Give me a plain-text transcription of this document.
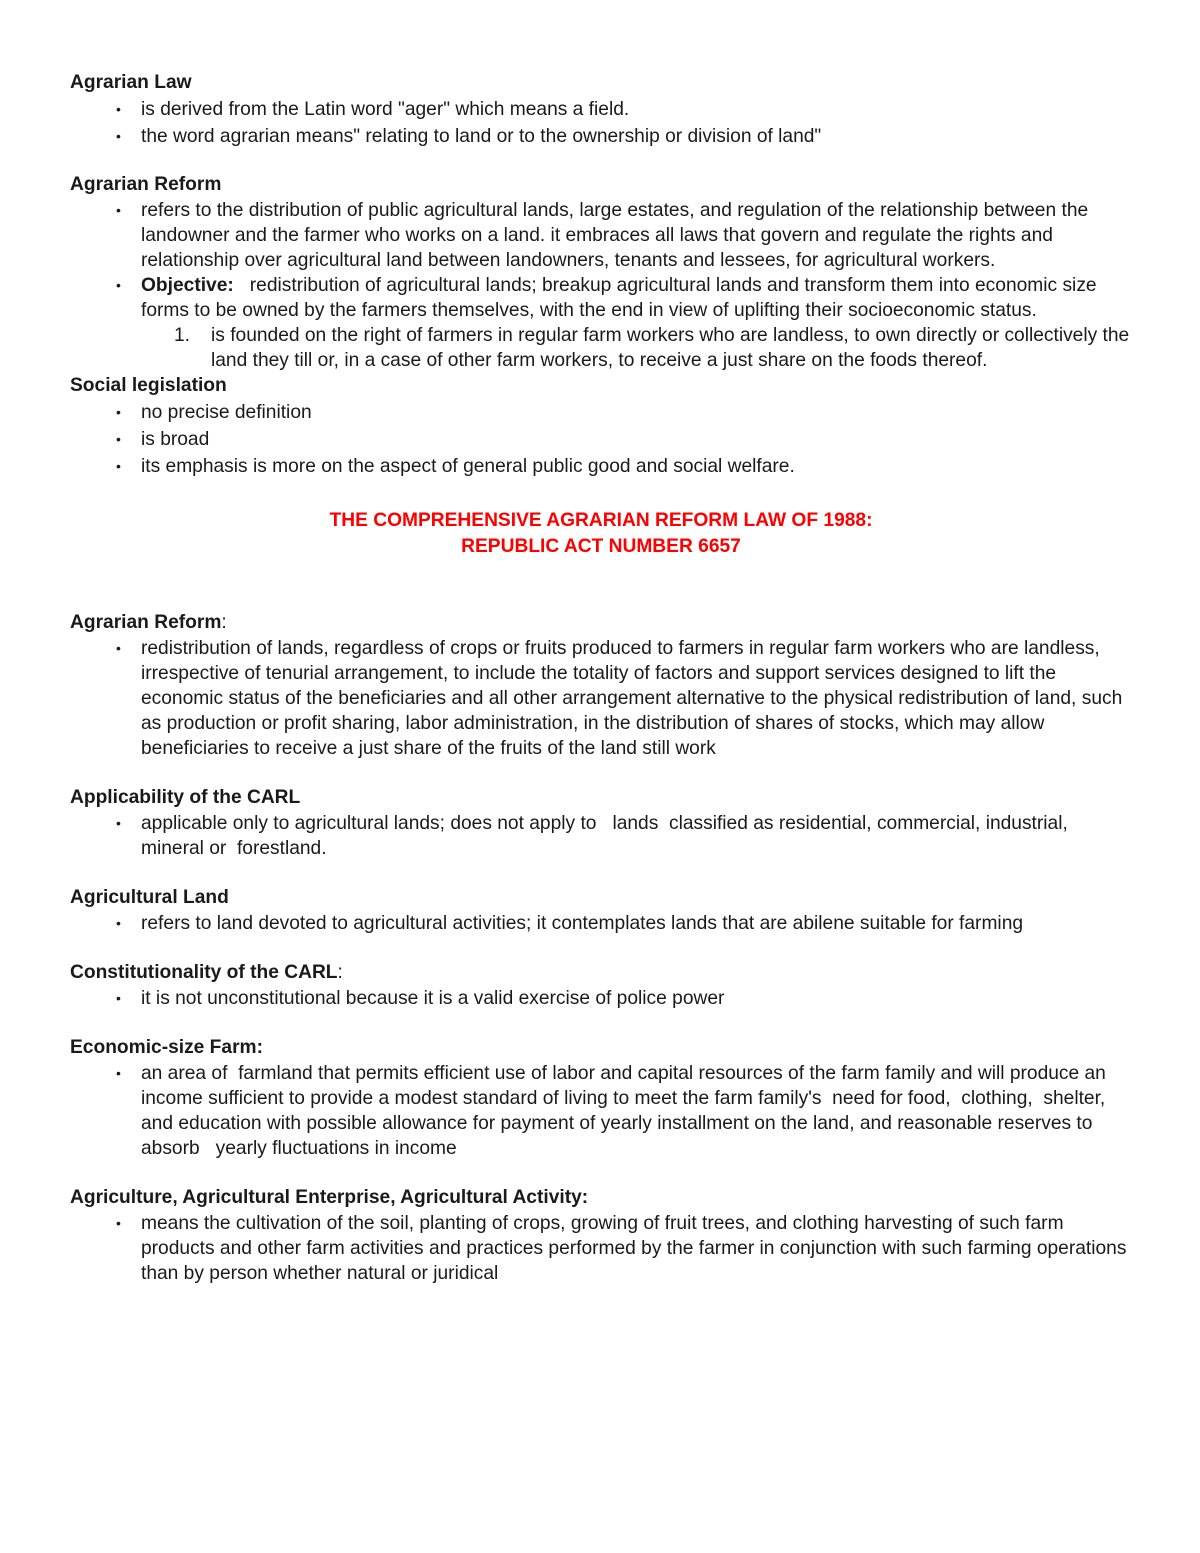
Agrarian Law

• is derived from the Latin word "ager" which means a field.
• the word agrarian means" relating to land or to the ownership or division of land"

Agrarian Reform

• refers to the distribution of public agricultural lands, large estates, and regulation of the relationship between the landowner and the farmer who works on a land. it embraces all laws that govern and regulate the rights and relationship over agricultural land between landowners, tenants and lessees, for agricultural workers.
• Objective:   redistribution of agricultural lands; breakup agricultural lands and transform them into economic size forms to be owned by the farmers themselves, with the end in view of uplifting their socioeconomic status.
1. is founded on the right of farmers in regular farm workers who are landless, to own directly or collectively the land they till or, in a case of other farm workers, to receive a just share on the foods thereof.

Social legislation

• no precise definition
• is broad
• its emphasis is more on the aspect of general public good and social welfare.
THE COMPREHENSIVE AGRARIAN REFORM LAW OF 1988:
REPUBLIC ACT NUMBER 6657

Agrarian Reform:

• redistribution of lands, regardless of crops or fruits produced to farmers in regular farm workers who are landless, irrespective of tenurial arrangement, to include the totality of factors and support services designed to lift the economic status of the beneficiaries and all other arrangement alternative to the physical redistribution of land, such as production or profit sharing, labor administration, in the distribution of shares of stocks, which may allow beneficiaries to receive a just share of the fruits of the land still work

Applicability of the CARL

• applicable only to agricultural lands; does not apply to   lands  classified as residential, commercial, industrial, mineral or  forestland.

Agricultural Land

• refers to land devoted to agricultural activities; it contemplates lands that are abilene suitable for farming

Constitutionality of the CARL:

• it is not unconstitutional because it is a valid exercise of police power

Economic-size Farm:

• an area of  farmland that permits efficient use of labor and capital resources of the farm family and will produce an income sufficient to provide a modest standard of living to meet the farm family's  need for food,  clothing,  shelter, and education with possible allowance for payment of yearly installment on the land, and reasonable reserves to absorb   yearly fluctuations in income

Agriculture, Agricultural Enterprise, Agricultural Activity:

• means the cultivation of the soil, planting of crops, growing of fruit trees, and clothing harvesting of such farm products and other farm activities and practices performed by the farmer in conjunction with such farming operations than by person whether natural or juridical
